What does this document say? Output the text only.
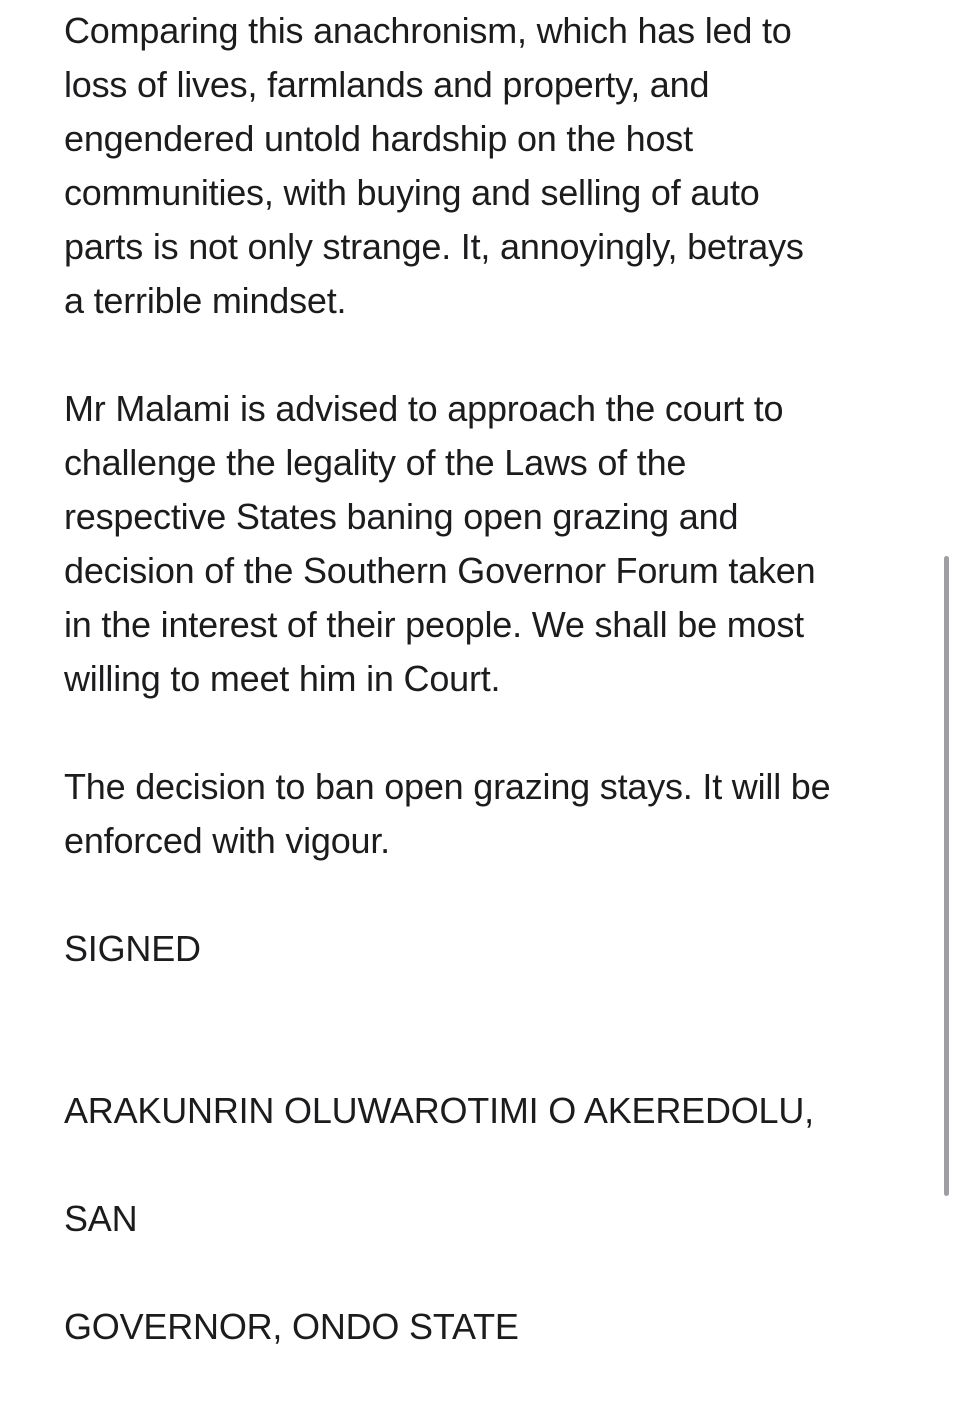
Comparing this anachronism, which has led to
loss of lives, farmlands and property, and
engendered untold hardship on the host
communities, with buying and selling of auto
parts is not only strange. It, annoyingly, betrays
a terrible mindset.

Mr Malami is advised to approach the court to
challenge the legality of the Laws of the
respective States baning open grazing and
decision of the Southern Governor Forum taken
in the interest of their people. We shall be most
willing to meet him in Court.

The decision to ban open grazing stays. It will be
enforced with vigour.

SIGNED

ARAKUNRIN OLUWAROTIMI O AKEREDOLU,

SAN

GOVERNOR, ONDO STATE
